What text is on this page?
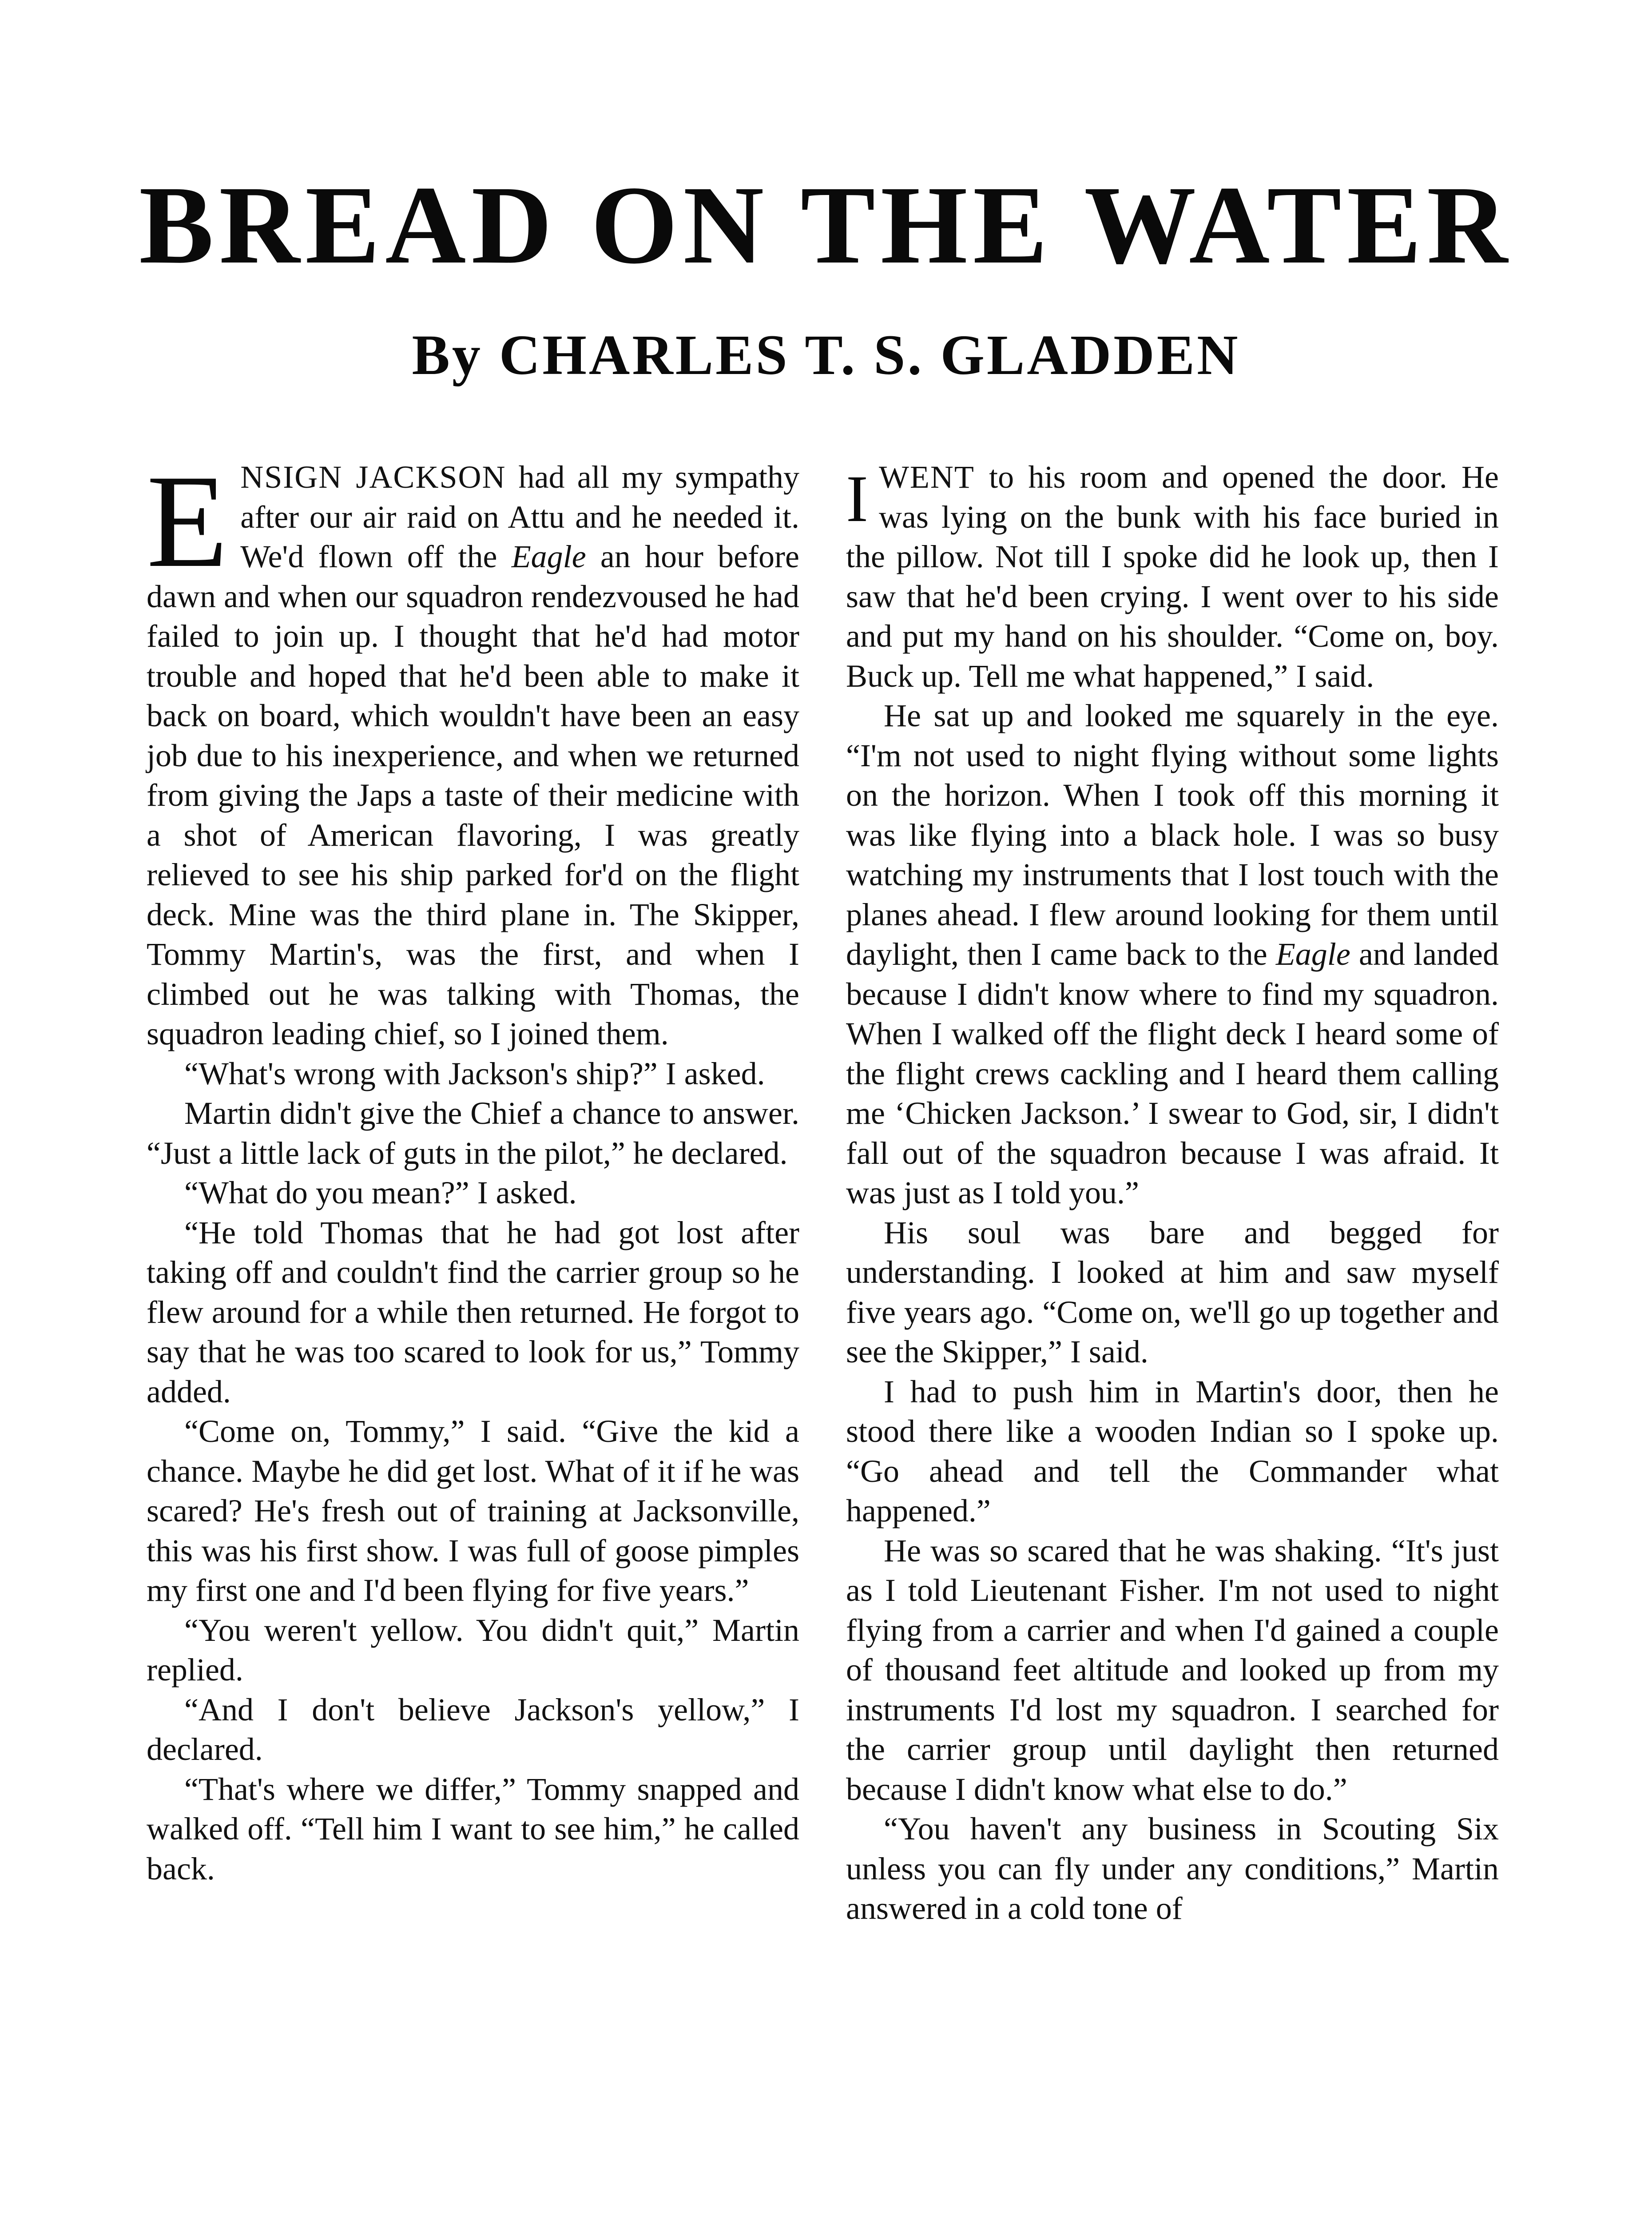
BREAD ON THE WATER
By CHARLES T. S. GLADDEN

ENSIGN JACKSON had all my sympathy after our air raid on Attu and he needed it. We'd flown off the Eagle an hour before dawn and when our squadron rendezvoused he had failed to join up. I thought that he'd had motor trouble and hoped that he'd been able to make it back on board, which wouldn't have been an easy job due to his inexperience, and when we returned from giving the Japs a taste of their medicine with a shot of American flavoring, I was greatly relieved to see his ship parked for'd on the flight deck. Mine was the third plane in. The Skipper, Tommy Martin's, was the first, and when I climbed out he was talking with Thomas, the squadron leading chief, so I joined them.

“What's wrong with Jackson's ship?” I asked.

Martin didn't give the Chief a chance to answer. “Just a little lack of guts in the pilot,” he declared.

“What do you mean?” I asked.

“He told Thomas that he had got lost after taking off and couldn't find the carrier group so he flew around for a while then returned. He forgot to say that he was too scared to look for us,” Tommy added.

“Come on, Tommy,” I said. “Give the kid a chance. Maybe he did get lost. What of it if he was scared? He's fresh out of training at Jacksonville, this was his first show. I was full of goose pimples my first one and I'd been flying for five years.”

“You weren't yellow. You didn't quit,” Martin replied.

“And I don't believe Jackson's yellow,” I declared.

“That's where we differ,” Tommy snapped and walked off. “Tell him I want to see him,” he called back.

IWENT to his room and opened the door. He was lying on the bunk with his face buried in the pillow. Not till I spoke did he look up, then I saw that he'd been crying. I went over to his side and put my hand on his shoulder. “Come on, boy. Buck up. Tell me what happened,” I said.

He sat up and looked me squarely in the eye. “I'm not used to night flying without some lights on the horizon. When I took off this morning it was like flying into a black hole. I was so busy watching my instruments that I lost touch with the planes ahead. I flew around looking for them until daylight, then I came back to the Eagle and landed because I didn't know where to find my squadron. When I walked off the flight deck I heard some of the flight crews cackling and I heard them calling me ‘Chicken Jackson.’ I swear to God, sir, I didn't fall out of the squadron because I was afraid. It was just as I told you.”

His soul was bare and begged for understanding. I looked at him and saw myself five years ago. “Come on, we'll go up together and see the Skipper,” I said.

I had to push him in Martin's door, then he stood there like a wooden Indian so I spoke up. “Go ahead and tell the Commander what happened.”

He was so scared that he was shaking. “It's just as I told Lieutenant Fisher. I'm not used to night flying from a carrier and when I'd gained a couple of thousand feet altitude and looked up from my instruments I'd lost my squadron. I searched for the carrier group until daylight then returned because I didn't know what else to do.”

“You haven't any business in Scouting Six unless you can fly under any conditions,” Martin answered in a cold tone of
